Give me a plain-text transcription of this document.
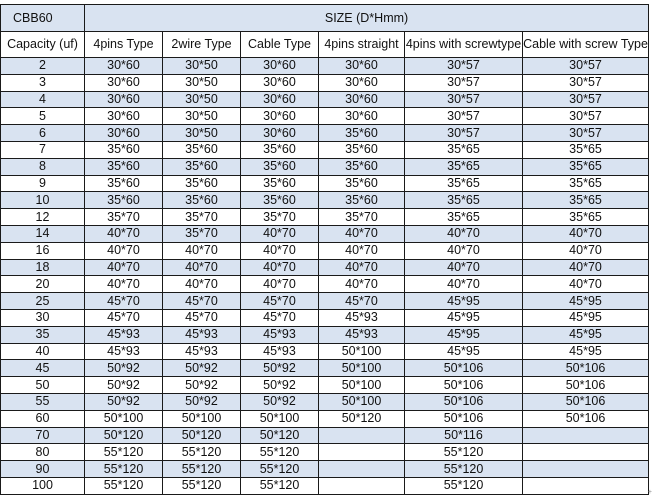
CBB60	SIZE (D*Hmm)					
Capacity (uf)	4pins Type	2wire Type	Cable Type	4pins straight	4pins with screwtype	Cable with screw Type
2	30*60	30*50	30*60	30*60	30*57	30*57
3	30*60	30*50	30*60	30*60	30*57	30*57
4	30*60	30*50	30*60	30*60	30*57	30*57
5	30*60	30*50	30*60	30*60	30*57	30*57
6	30*60	30*50	30*60	35*60	30*57	30*57
7	35*60	35*60	35*60	35*60	35*65	35*65
8	35*60	35*60	35*60	35*60	35*65	35*65
9	35*60	35*60	35*60	35*60	35*65	35*65
10	35*60	35*60	35*60	35*60	35*65	35*65
12	35*70	35*70	35*70	35*70	35*65	35*65
14	40*70	35*70	40*70	40*70	40*70	40*70
16	40*70	40*70	40*70	40*70	40*70	40*70
18	40*70	40*70	40*70	40*70	40*70	40*70
20	40*70	40*70	40*70	40*70	40*70	40*70
25	45*70	45*70	45*70	45*70	45*95	45*95
30	45*70	45*70	45*70	45*93	45*95	45*95
35	45*93	45*93	45*93	45*93	45*95	45*95
40	45*93	45*93	45*93	50*100	45*95	45*95
45	50*92	50*92	50*92	50*100	50*106	50*106
50	50*92	50*92	50*92	50*100	50*106	50*106
55	50*92	50*92	50*92	50*100	50*106	50*106
60	50*100	50*100	50*100	50*120	50*106	50*106
70	50*120	50*120	50*120		50*116	
80	55*120	55*120	55*120		55*120	
90	55*120	55*120	55*120		55*120	
100	55*120	55*120	55*120		55*120	
+
